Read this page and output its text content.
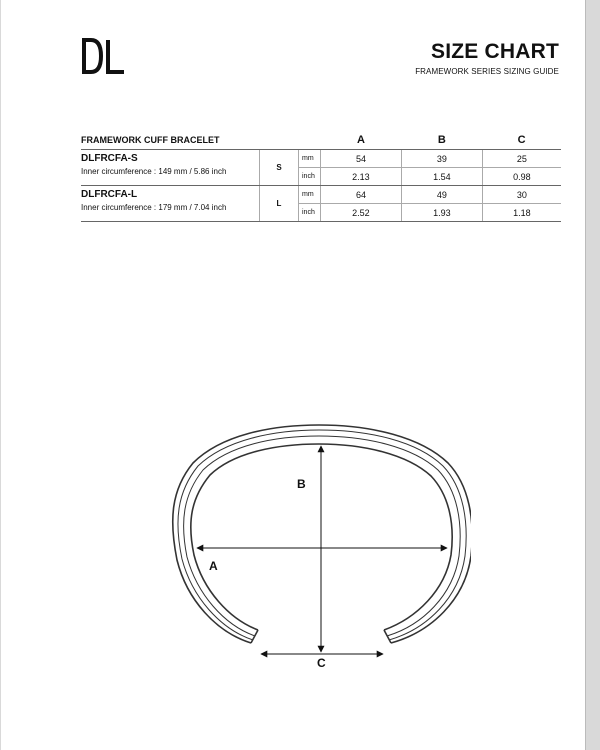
SIZE CHART
FRAMEWORK SERIES SIZING GUIDE
FRAMEWORK CUFF BRACELET			A	B	C

DLFRCFA-S
Inner circumference : 149 mm / 5.86 inch	S	mm	54	39	25
		inch	2.13	1.54	0.98

DLFRCFA-L
Inner circumference : 179 mm / 7.04 inch	L	mm	64	49	30
		inch	2.52	1.93	1.18
A
B
C
